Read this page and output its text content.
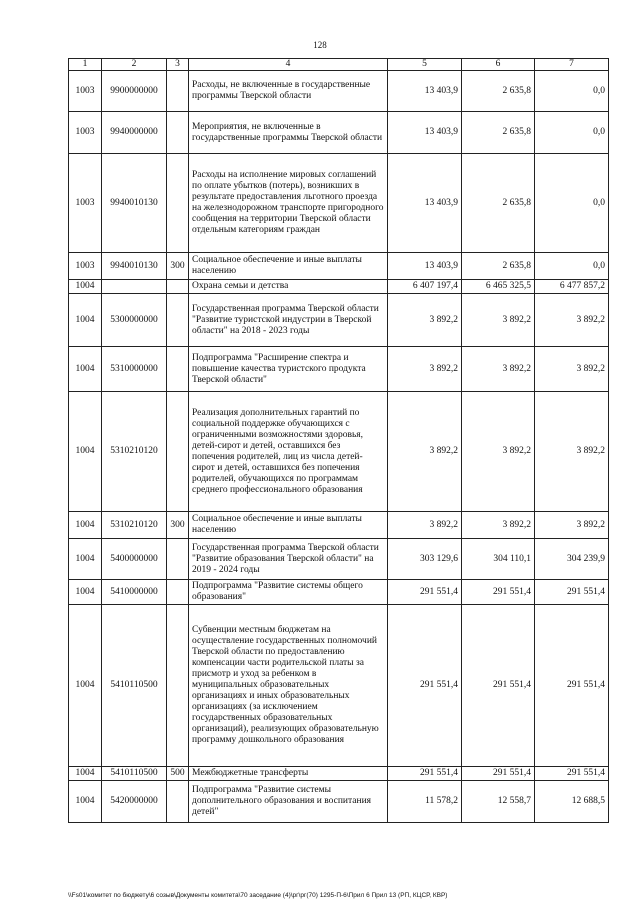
128
1	2	3	4	5	6	7
1003	9900000000		Расходы, не включенные в государственные программы Тверской области	13 403,9	2 635,8	0,0
1003	9940000000		Мероприятия, не включенные в государственные программы Тверской области	13 403,9	2 635,8	0,0
1003	9940010130		Расходы на исполнение мировых соглашений по оплате убытков (потерь), возникших в результате предоставления льготного проезда на железнодорожном транспорте пригородного сообщения на территории Тверской области отдельным категориям граждан	13 403,9	2 635,8	0,0
1003	9940010130	300	Социальное обеспечение и иные выплаты населению	13 403,9	2 635,8	0,0
1004			Охрана семьи и детства	6 407 197,4	6 465 325,5	6 477 857,2
1004	5300000000		Государственная программа Тверской области "Развитие туристской индустрии в Тверской области" на 2018 - 2023 годы	3 892,2	3 892,2	3 892,2
1004	5310000000		Подпрограмма "Расширение спектра и повышение качества туристского продукта Тверской области"	3 892,2	3 892,2	3 892,2
1004	5310210120		Реализация дополнительных гарантий по социальной поддержке обучающихся с ограниченными возможностями здоровья, детей-сирот и детей, оставшихся без попечения родителей, лиц из числа детей-сирот и детей, оставшихся без попечения родителей, обучающихся по программам среднего профессионального образования	3 892,2	3 892,2	3 892,2
1004	5310210120	300	Социальное обеспечение и иные выплаты населению	3 892,2	3 892,2	3 892,2
1004	5400000000		Государственная программа Тверской области "Развитие образования Тверской области" на 2019 - 2024 годы	303 129,6	304 110,1	304 239,9
1004	5410000000		Подпрограмма "Развитие системы общего образования"	291 551,4	291 551,4	291 551,4
1004	5410110500		Субвенции местным бюджетам на осуществление государственных полномочий Тверской области по предоставлению компенсации части родительской платы за присмотр и уход за ребенком в муниципальных образовательных организациях и иных образовательных организациях (за исключением государственных образовательных организаций), реализующих образовательную программу дошкольного образования	291 551,4	291 551,4	291 551,4
1004	5410110500	500	Межбюджетные трансферты	291 551,4	291 551,4	291 551,4
1004	5420000000		Подпрограмма "Развитие системы дополнительного образования и воспитания детей"	11 578,2	12 558,7	12 688,5
\\Fs01\комитет по бюджету\6 созыв\Документы комитета\70 заседание (4)\рг\рг(70) 1295-П-6\Прил 6 Прил 13 (РП, КЦСР, КВР)
